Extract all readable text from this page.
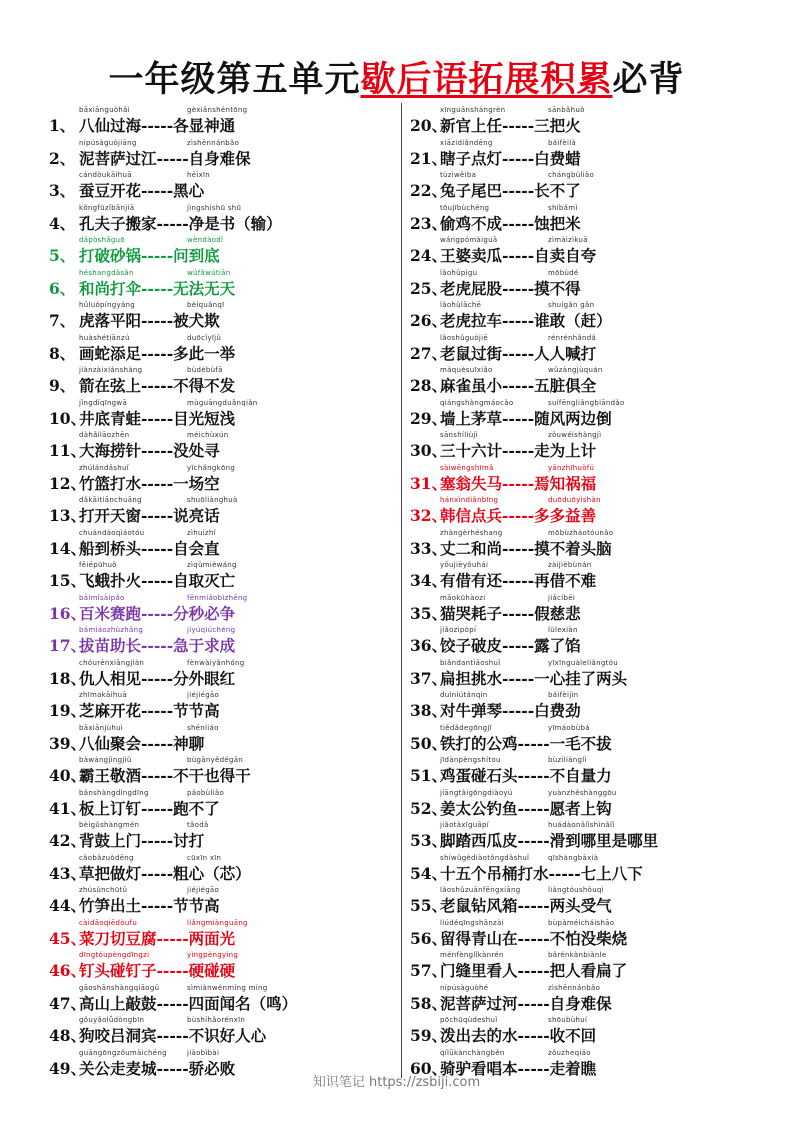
一年级第五单元歇后语拓展积累必背
bāxiānguòhǎi	gèxiǎnshéntōng
1、 八仙过海-----各显神通
nípúsàguòjiāng	zìshēnnánbǎo
2、 泥菩萨过江-----自身难保
cándòukāihuā	hēixīn
3、 蚕豆开花-----黑心
kǒngfūzǐbānjiā	jìngshìshū shū
4、 孔夫子搬家-----净是书（输）
dǎpòshāguō	wèndàodǐ
5、 打破砂锅-----问到底
héshangdǎsǎn	wúfǎwútiān
6、 和尚打伞-----无法无天
hǔluòpíngyáng	bèiquǎnqī
7、 虎落平阳-----被犬欺
huàshétiānzú	duōcǐyījǔ
8、 画蛇添足-----多此一举
jiànzàixiánshàng	bùdébùfā
9、 箭在弦上-----不得不发
jǐngdǐqīngwā	mùguāngduǎnqiǎn
10、井底青蛙-----目光短浅
dàhǎilāozhēn	méichùxún
11、大海捞针-----没处寻
zhúlándǎshuǐ	yīchǎngkōng
12、竹篮打水-----一场空
dǎkāitiānchuāng	shuōliànghuà
13、打开天窗-----说亮话
chuándàoqiáotóu	zìhuìzhí
14、船到桥头-----自会直
fēiépūhuǒ	zìqǔmièwáng
15、飞蛾扑火-----自取灭亡
bǎimǐsàipǎo	fēnmiǎobìzhēng
16、百米赛跑-----分秒必争
bámiáozhùzhǎng	jíyúqiúchéng
17、拔苗助长-----急于求成
chóurénxiāngjiàn	fènwàiyǎnhóng
18、仇人相见-----分外眼红
zhīmakāihuā	jiéjiégāo
19、芝麻开花-----节节高
bāxiānjùhuì	shénliáo
39、八仙聚会-----神聊
bàwángjìngjiǔ	bùgānyědégān
40、霸王敬酒-----不干也得干
bǎnshàngdìngdīng	pǎobùliǎo
41、板上订钉-----跑不了
bèigǔshàngmén	tǎodǎ
42、背鼓上门-----讨打
cǎobǎzuòdēng	cūxīn xīn
43、草把做灯-----粗心（芯）
zhúsǔnchūtǔ	jiéjiégāo
44、竹笋出土-----节节高
càidāoqiēdòufu	liǎngmiànguāng
45、菜刀切豆腐-----两面光
dīngtóupèngdīngzi	yìngpèngyìng
46、钉头碰钉子-----硬碰硬
gāoshānshàngqiāogǔ	sìmiànwénmíng míng
47、高山上敲鼓-----四面闻名（鸣）
gǒuyǎolǚdòngbīn	bùshíhǎorénxīn
48、狗咬吕洞宾-----不识好人心
guāngōngzǒumàichéng	jiāobìbài
49、关公走麦城-----骄必败
xīnguānshàngrèn	sānbǎhuǒ
20、新官上任-----三把火
xiāzidiǎndēng	báifèilà
21、瞎子点灯-----白费蜡
tùziwěiba	chángbùliǎo
22、兔子尾巴-----长不了
tōujībùchéng	shíbǎmǐ
23、偷鸡不成-----蚀把米
wángpómàiguā	zìmàizìkuā
24、王婆卖瓜-----自卖自夸
lǎohǔpìgu	mōbùdé
25、老虎屁股-----摸不得
lǎohǔlāchē	shuígǎn gǎn
26、老虎拉车-----谁敢（赶）
lǎoshǔguòjiē	rénrénhǎndǎ
27、老鼠过街-----人人喊打
máquèsuīxiǎo	wǔzàngjùquán
28、麻雀虽小-----五脏俱全
qiángshàngmáocǎo	suífēngliǎngbiāndǎo
29、墙上茅草-----随风两边倒
sānshíliùjì	zǒuwéishàngjì
30、三十六计-----走为上计
sàiwēngshīmǎ	yānzhīhuòfú
31、塞翁失马-----焉知祸福
hánxìndiǎnbīng	duōduōyìshàn
32、韩信点兵-----多多益善
zhàngèrhéshang	mōbùzháotóunǎo
33、丈二和尚-----摸不着头脑
yǒujièyǒuhái	zàijièbùnán
34、有借有还-----再借不难
māokūhàozi	jiǎcíbēi
35、猫哭耗子-----假慈悲
jiǎozipòpí	lùlexiàn
36、饺子破皮-----露了馅
biǎndantiāoshuǐ	yīxīnguàleliǎngtóu
37、扁担挑水-----一心挂了两头
duìniútánqín	báifèijìn
38、对牛弹琴-----白费劲
tiědǎdegōngjī	yīmáobùbá
50、铁打的公鸡-----一毛不拔
jīdànpèngshítou	bùzìliànglì
51、鸡蛋碰石头-----不自量力
jiāngtàigōngdiàoyú	yuànzhěshànggōu
52、姜太公钓鱼-----愿者上钩
jiǎotàxīguāpí	huádàonǎlǐshìnǎlǐ
53、脚踏西瓜皮-----滑到哪里是哪里
shíwǔgèdiàotǒngdǎshuǐ	qīshàngbāxià
54、十五个吊桶打水-----七上八下
lǎoshǔzuānfēngxiāng	liǎngtóushòuqì
55、老鼠钻风箱-----两头受气
liúdéqīngshānzài	bùpàméicháishāo
56、留得青山在-----不怕没柴烧
ménfènglǐkànrén	bǎrénkànbiǎnle
57、门缝里看人-----把人看扁了
nípúsàguòhé	zìshēnnánbǎo
58、泥菩萨过河-----自身难保
pōchūqùdeshuǐ	shōubùhuí
59、泼出去的水-----收不回
qílǘkànchàngběn	zǒuzheqiáo
60、骑驴看唱本-----走着瞧
知识笔记 https://zsbiji.com
